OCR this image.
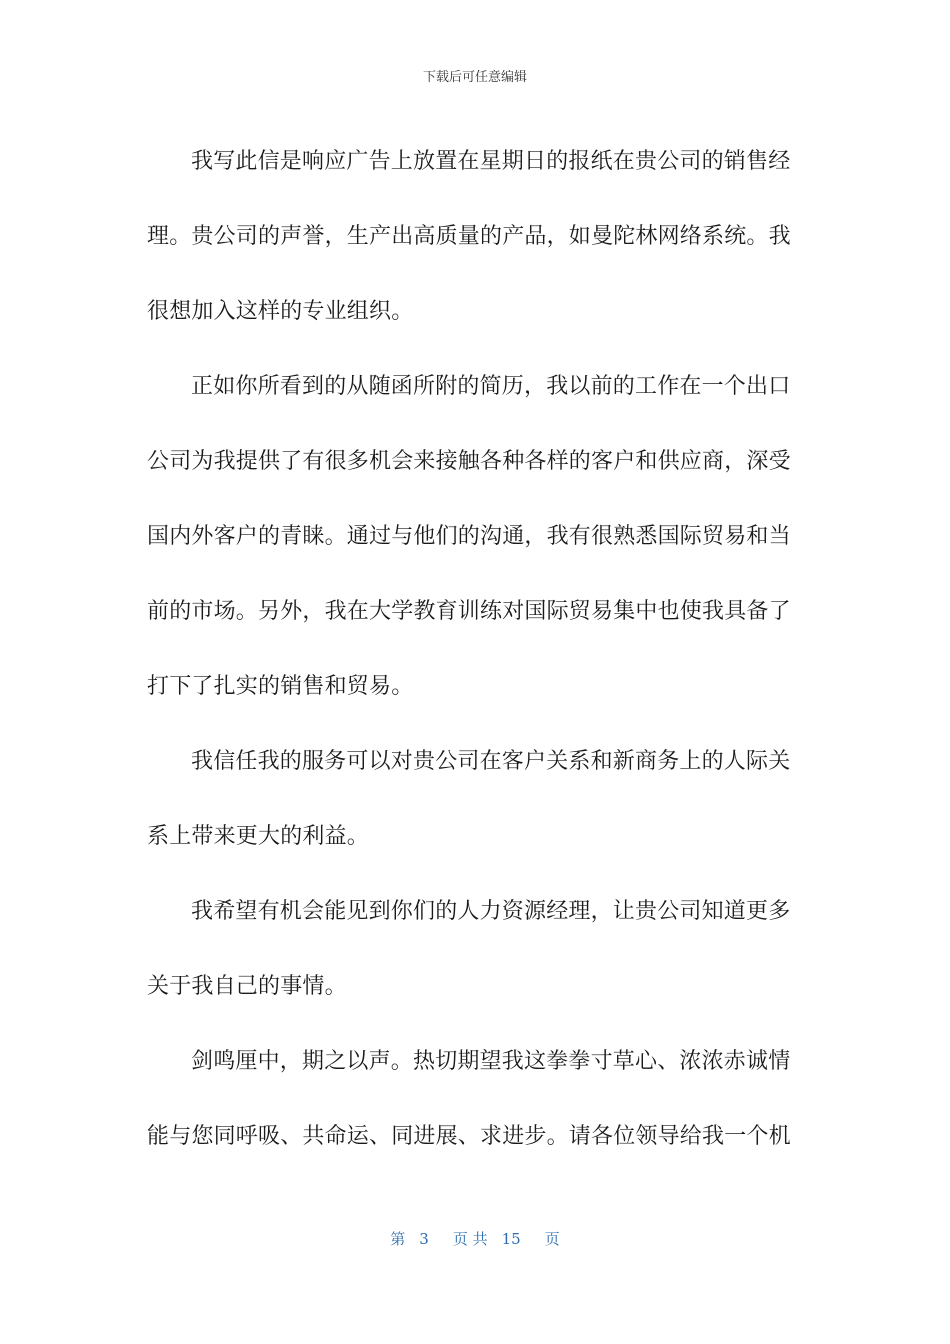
下载后可任意编辑

我写此信是响应广告上放置在星期日的报纸在贵公司的销售经
理。贵公司的声誉，生产出高质量的产品，如曼陀林网络系统。我
很想加入这样的专业组织。

正如你所看到的从随函所附的简历，我以前的工作在一个出口
公司为我提供了有很多机会来接触各种各样的客户和供应商，深受
国内外客户的青睐。通过与他们的沟通，我有很熟悉国际贸易和当
前的市场。另外，我在大学教育训练对国际贸易集中也使我具备了
打下了扎实的销售和贸易。

我信任我的服务可以对贵公司在客户关系和新商务上的人际关
系上带来更大的利益。

我希望有机会能见到你们的人力资源经理，让贵公司知道更多
关于我自己的事情。

剑鸣厘中，期之以声。热切期望我这拳拳寸草心、浓浓赤诚情
能与您同呼吸、共命运、同进展、求进步。请各位领导给我一个机

第 3 页 共 15 页
